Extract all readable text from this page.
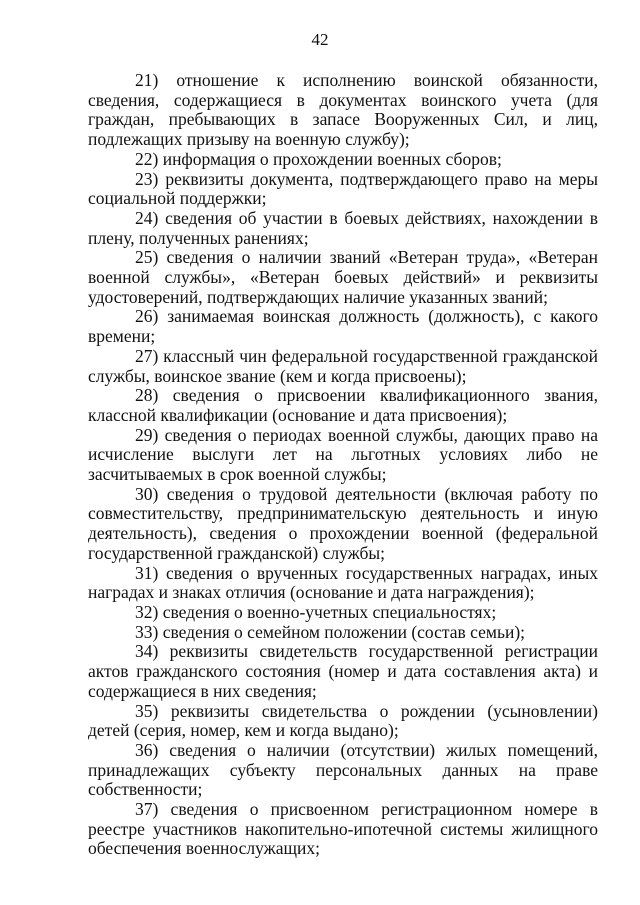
42

21) отношение к исполнению воинской обязанности, сведения, содержащиеся в документах воинского учета (для граждан, пребывающих в запасе Вооруженных Сил, и лиц, подлежащих призыву на военную службу);

22) информация о прохождении военных сборов;

23) реквизиты документа, подтверждающего право на меры социальной поддержки;

24) сведения об участии в боевых действиях, нахождении в плену, полученных ранениях;

25) сведения о наличии званий «Ветеран труда», «Ветеран военной службы», «Ветеран боевых действий» и реквизиты удостоверений, подтверждающих наличие указанных званий;

26) занимаемая воинская должность (должность), с какого времени;

27) классный чин федеральной государственной гражданской службы, воинское звание (кем и когда присвоены);

28) сведения о присвоении квалификационного звания, классной квалификации (основание и дата присвоения);

29) сведения о периодах военной службы, дающих право на исчисление выслуги лет на льготных условиях либо не засчитываемых в срок военной службы;

30) сведения о трудовой деятельности (включая работу по совместительству, предпринимательскую деятельность и иную деятельность), сведения о прохождении военной (федеральной государственной гражданской) службы;

31) сведения о врученных государственных наградах, иных наградах и знаках отличия (основание и дата награждения);

32) сведения о военно-учетных специальностях;

33) сведения о семейном положении (состав семьи);

34) реквизиты свидетельств государственной регистрации актов гражданского состояния (номер и дата составления акта) и содержащиеся в них сведения;

35) реквизиты свидетельства о рождении (усыновлении) детей (серия, номер, кем и когда выдано);

36) сведения о наличии (отсутствии) жилых помещений, принадлежащих субъекту персональных данных на праве собственности;

37) сведения о присвоенном регистрационном номере в реестре участников накопительно-ипотечной системы жилищного обеспечения военнослужащих;
